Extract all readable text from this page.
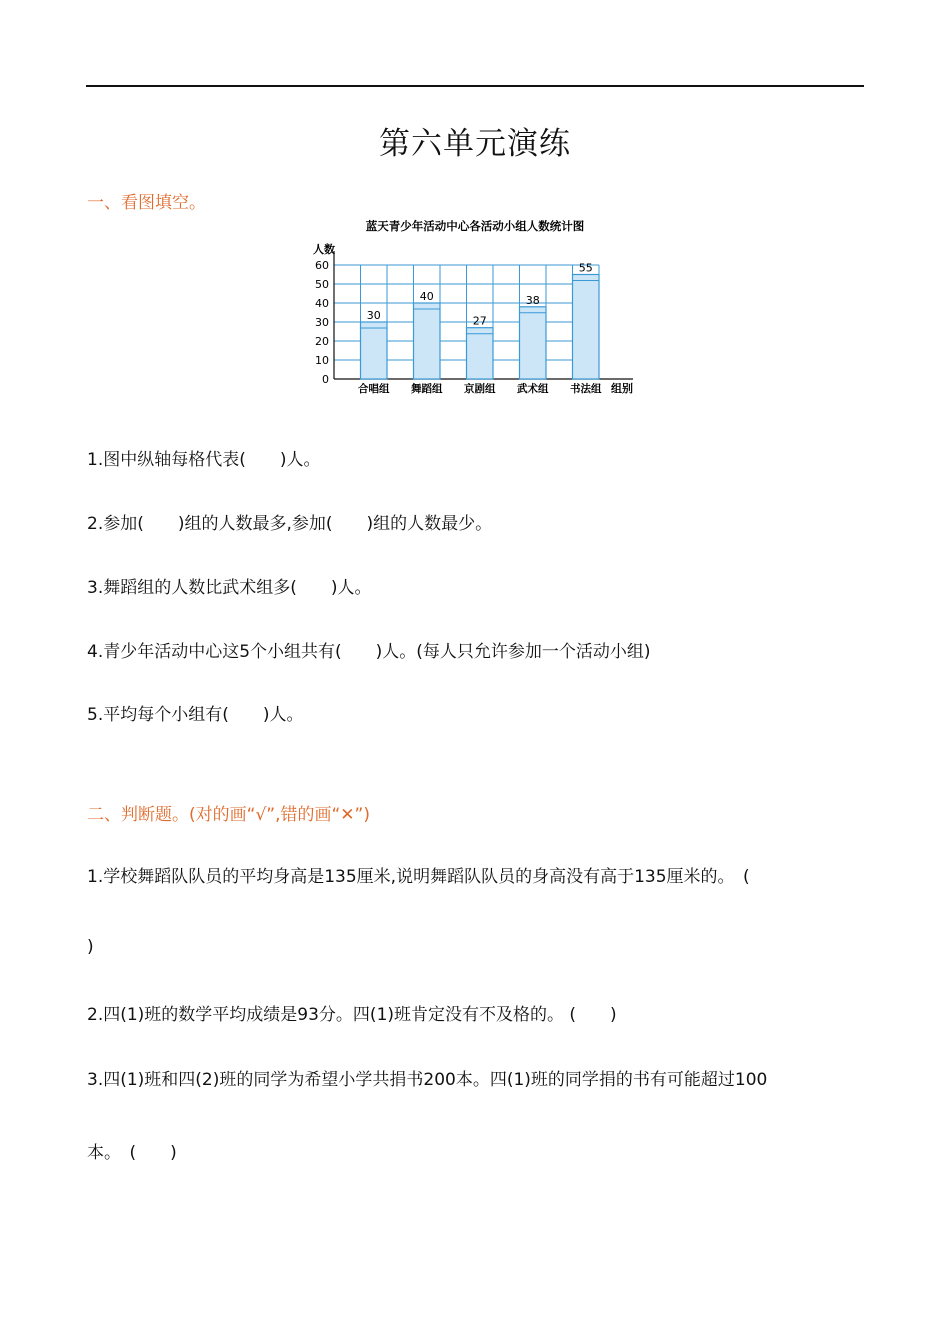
第六单元演练
一、看图填空。
蓝天青少年活动中心各活动小组人数统计图
人数
组别
0
10
20
30
40
50
60
30
合唱组
40
舞蹈组
27
京剧组
38
武术组
55
书法组
1.图中纵轴每格代表(　　)人。
2.参加(　　)组的人数最多,参加(　　)组的人数最少。
3.舞蹈组的人数比武术组多(　　)人。
4.青少年活动中心这5个小组共有(　　)人。(每人只允许参加一个活动小组)
5.平均每个小组有(　　)人。
二、判断题。(对的画“√”,错的画“✕”)
1.学校舞蹈队队员的平均身高是135厘米,说明舞蹈队队员的身高没有高于135厘米的。　(
)
2.四(1)班的数学平均成绩是93分。四(1)班肯定没有不及格的。 (　　)
3.四(1)班和四(2)班的同学为希望小学共捐书200本。四(1)班的同学捐的书有可能超过100
本。　(　　)
